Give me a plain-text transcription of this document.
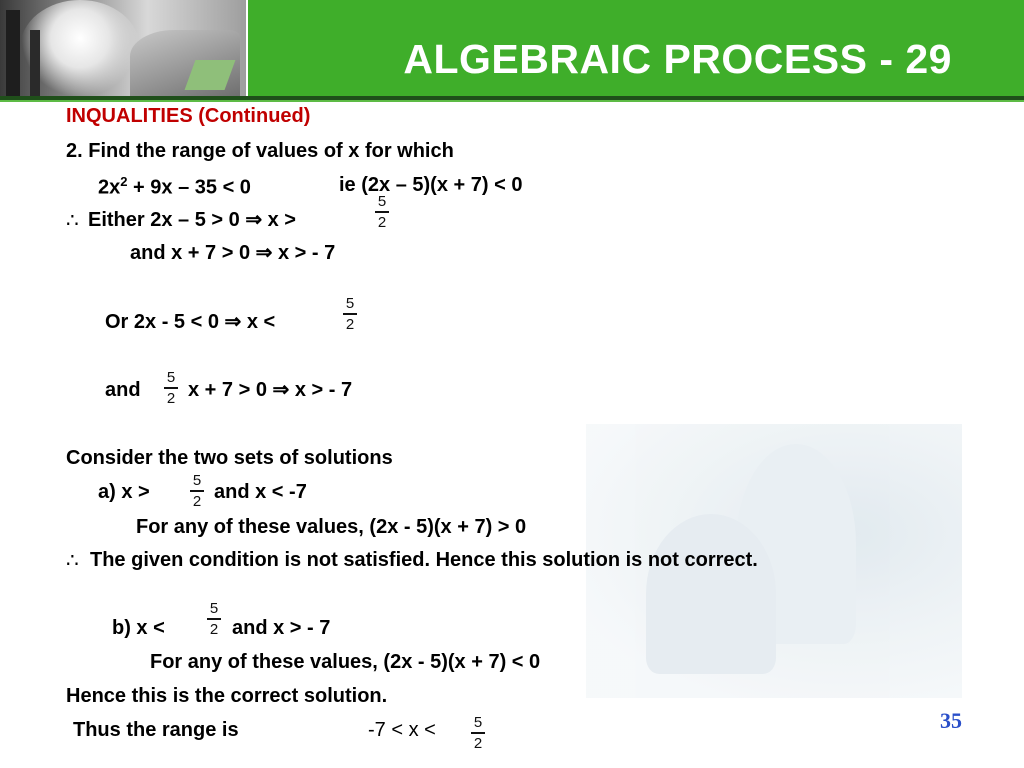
ALGEBRAIC PROCESS - 29
INQUALITIES (Continued)
2. Find the range of values of x for which
$2x^2 + 9x - 35 < 0$	ie (2x – 5)(x + 7) < 0
∴ Either 2x – 5 > 0 ⇒ x >
5
2
and x + 7 > 0 ⇒ x > - 7
Or 2x - 5 < 0 ⇒ x <
5
2
and
5
2 x + 7 > 0 ⇒ x > - 7
Consider the two sets of solutions
a) x >
5
2 and x < -7
For any of these values, (2x - 5)(x + 7) > 0
∴ The given condition is not satisfied. Hence this solution is not correct.
b) x <
5
2 and x > - 7
For any of these values, (2x - 5)(x + 7) < 0
Hence this is the correct solution.
Thus the range is	-7 < x <	5
2
35
